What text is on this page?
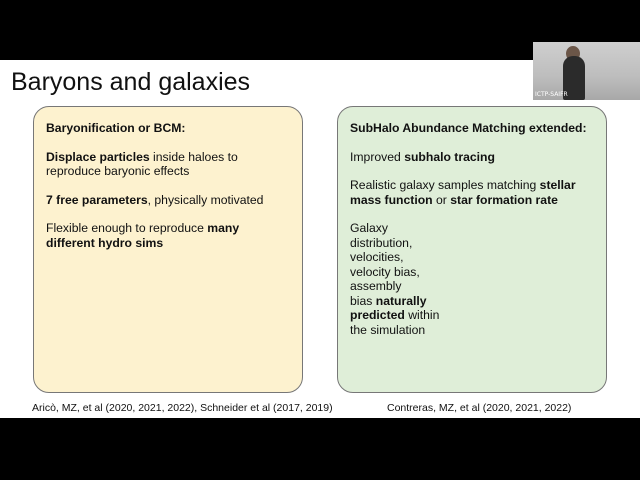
Baryons and galaxies

Baryonification or BCM:

Displace particles inside haloes to reproduce baryonic effects

7 free parameters, physically motivated

Flexible enough to reproduce many different hydro sims

SubHalo Abundance Matching extended:

Improved subhalo tracing

Realistic galaxy samples matching stellar mass function or star formation rate

Galaxy
distribution,
velocities,
velocity bias,
assembly
bias naturally
predicted within
the simulation

Aricò, MZ, et al (2020, 2021, 2022), Schneider et al (2017, 2019)	Contreras, MZ, et al (2020, 2021, 2022)
ICTP-SAIFR
